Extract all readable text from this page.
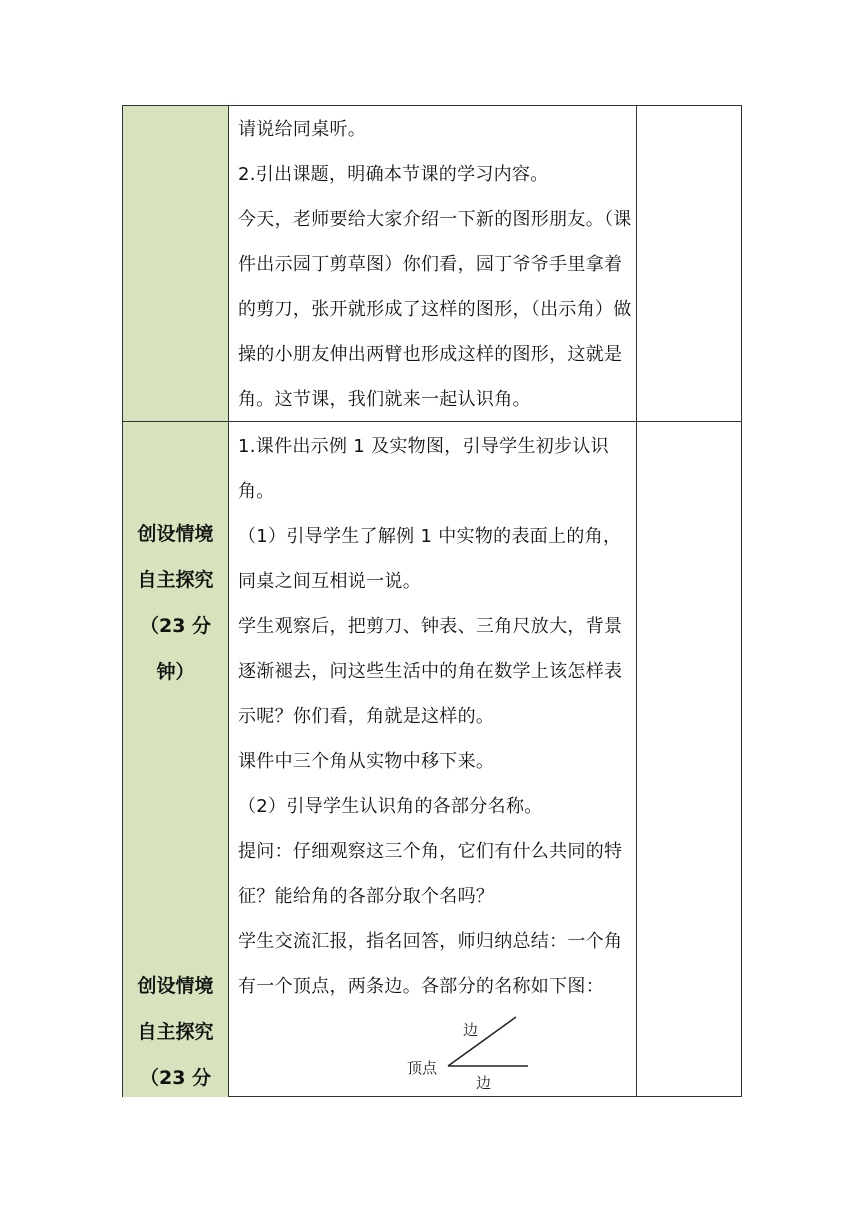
请说给同桌听。
2.引出课题，明确本节课的学习内容。
今天，老师要给大家介绍一下新的图形朋友。（课件出示园丁剪草图）你们看，园丁爷爷手里拿着的剪刀，张开就形成了这样的图形，（出示角）做操的小朋友伸出两臂也形成这样的图形，这就是角。这节课，我们就来一起认识角。
创设情境
自主探究
（23 分
钟）
创设情境
自主探究
（23 分
1.课件出示例 1 及实物图，引导学生初步认识角。
（1）引导学生了解例 1 中实物的表面上的角，同桌之间互相说一说。
学生观察后，把剪刀、钟表、三角尺放大，背景逐渐褪去，问这些生活中的角在数学上该怎样表示呢？你们看，角就是这样的。
课件中三个角从实物中移下来。
（2）引导学生认识角的各部分名称。
提问：仔细观察这三个角，它们有什么共同的特征？能给角的各部分取个名吗？
学生交流汇报，指名回答，师归纳总结：一个角有一个顶点，两条边。各部分的名称如下图：
顶点
边
边
